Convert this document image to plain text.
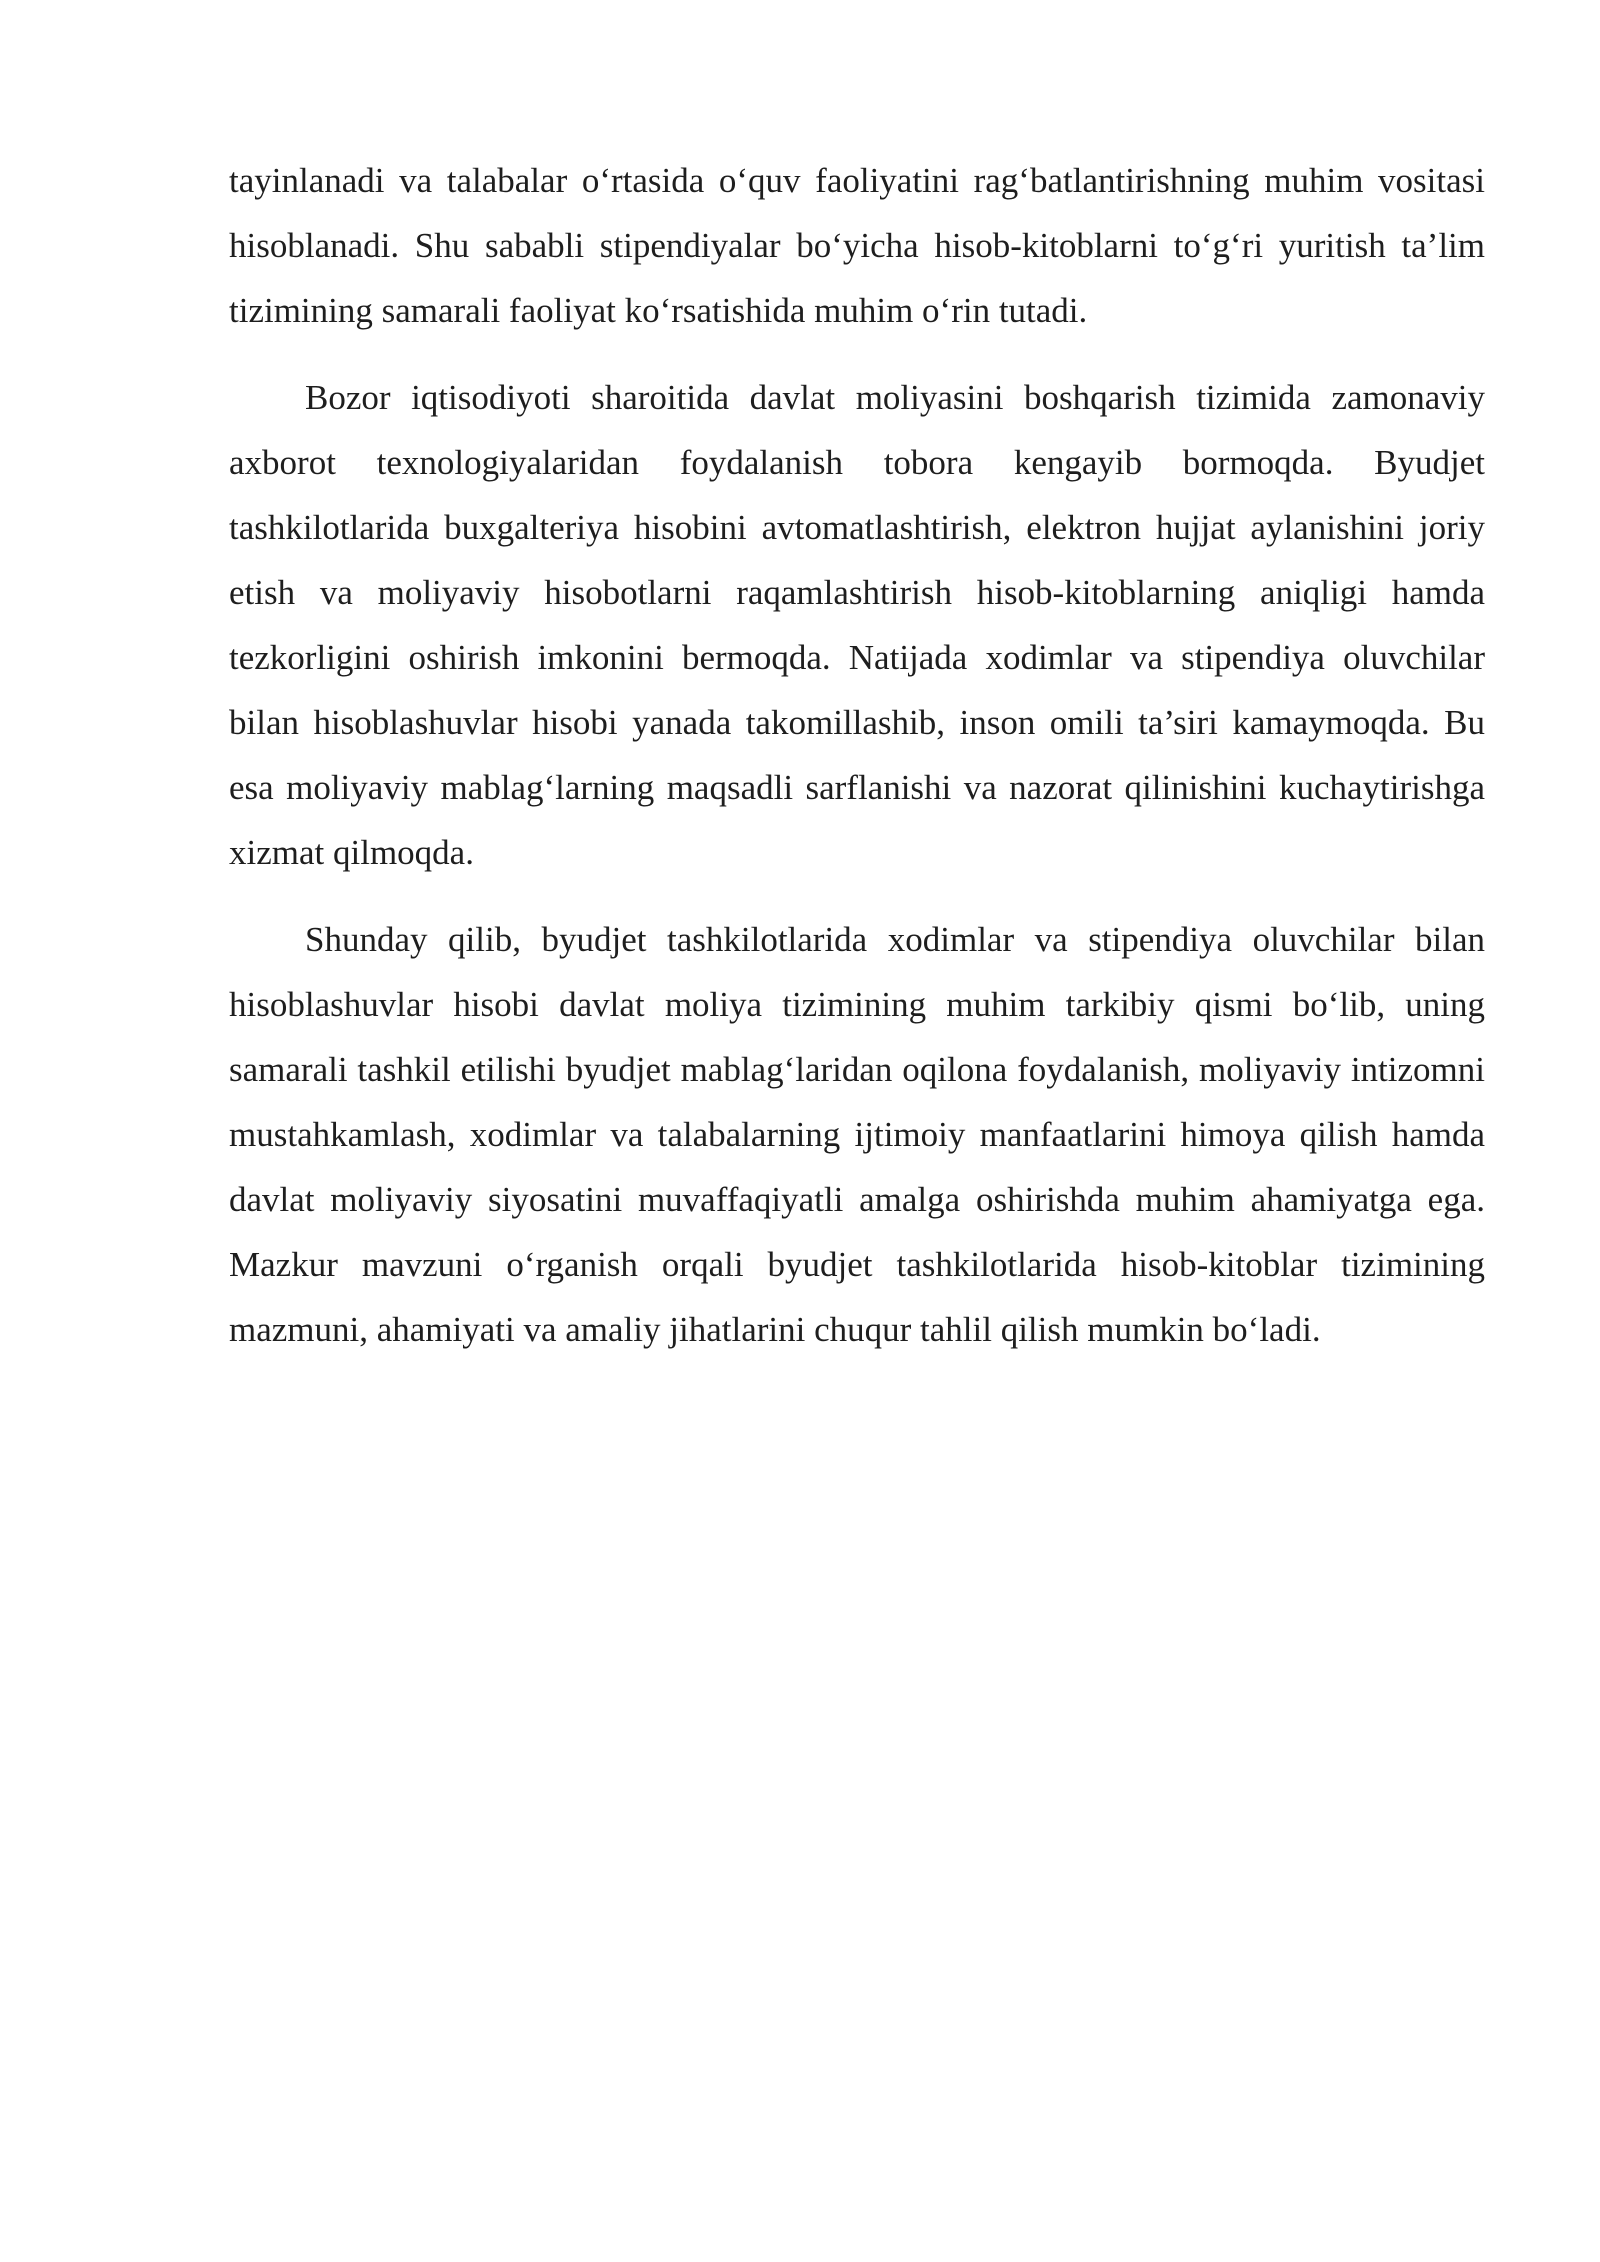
tayinlanadi va talabalar o‘rtasida o‘quv faoliyatini rag‘batlantirishning muhim vositasi hisoblanadi. Shu sababli stipendiyalar bo‘yicha hisob-kitoblarni to‘g‘ri yuritish ta’lim tizimining samarali faoliyat ko‘rsatishida muhim o‘rin tutadi.

Bozor iqtisodiyoti sharoitida davlat moliyasini boshqarish tizimida zamonaviy axborot texnologiyalaridan foydalanish tobora kengayib bormoqda. Byudjet tashkilotlarida buxgalteriya hisobini avtomatlashtirish, elektron hujjat aylanishini joriy etish va moliyaviy hisobotlarni raqamlashtirish hisob-kitoblarning aniqligi hamda tezkorligini oshirish imkonini bermoqda. Natijada xodimlar va stipendiya oluvchilar bilan hisoblashuvlar hisobi yanada takomillashib, inson omili ta’siri kamaymoqda. Bu esa moliyaviy mablag‘larning maqsadli sarflanishi va nazorat qilinishini kuchaytirishga xizmat qilmoqda.

Shunday qilib, byudjet tashkilotlarida xodimlar va stipendiya oluvchilar bilan hisoblashuvlar hisobi davlat moliya tizimining muhim tarkibiy qismi bo‘lib, uning samarali tashkil etilishi byudjet mablag‘laridan oqilona foydalanish, moliyaviy intizomni mustahkamlash, xodimlar va talabalarning ijtimoiy manfaatlarini himoya qilish hamda davlat moliyaviy siyosatini muvaffaqiyatli amalga oshirishda muhim ahamiyatga ega. Mazkur mavzuni o‘rganish orqali byudjet tashkilotlarida hisob-kitoblar tizimining mazmuni, ahamiyati va amaliy jihatlarini chuqur tahlil qilish mumkin bo‘ladi.
